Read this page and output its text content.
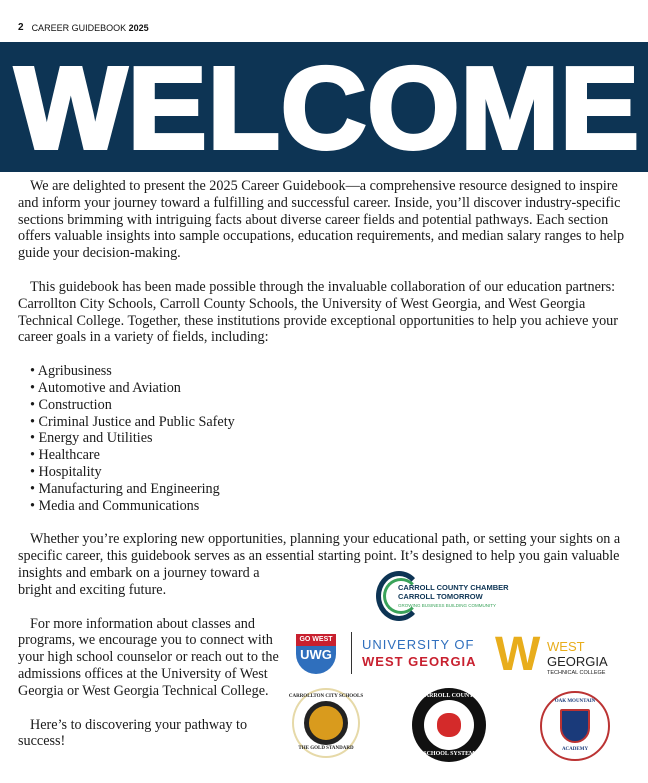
2 CAREER GUIDEBOOK 2025
WELCOME

We are delighted to present the 2025 Career Guidebook—a comprehensive resource designed to inspire and inform your journey toward a fulfilling and successful career. Inside, you’ll discover industry-specific sections brimming with intriguing facts about diverse career fields and potential pathways. Each section offers valuable insights into sample occupations, education requirements, and median salary ranges to help guide your decision-making.

This guidebook has been made possible through the invaluable collaboration of our education partners: Carrollton City Schools, Carroll County Schools, the University of West Georgia, and West Georgia Technical College. Together, these institutions provide exceptional opportunities to help you achieve your career goals in a variety of fields, including:

• Agribusiness
• Automotive and Aviation
• Construction
• Criminal Justice and Public Safety
• Energy and Utilities
• Healthcare
• Hospitality
• Manufacturing and Engineering
• Media and Communications
CARROLL COUNTY CHAMBER
CARROLL TOMORROW
GROWING BUSINESS BUILDING COMMUNITY
GO WEST
UWG
UNIVERSITY OF
WEST GEORGIA W WEST
GEORGIA
TECHNICAL COLLEGE
CARROLLTON CITY SCHOOLS
THE GOLD STANDARD
CARROLL COUNTY
SCHOOL SYSTEM
OAK MOUNTAIN
ACADEMY

Whether you’re exploring new opportunities, planning your educational path, or setting your sights on a specific career, this guidebook serves as an essential starting point. It’s designed to help you gain valuable insights and embark on a journey toward a bright and exciting future.

For more information about classes and programs, we encourage you to connect with your high school counselor or reach out to the admissions offices at the University of West Georgia or West Georgia Technical College.

Here’s to discovering your pathway to success!
